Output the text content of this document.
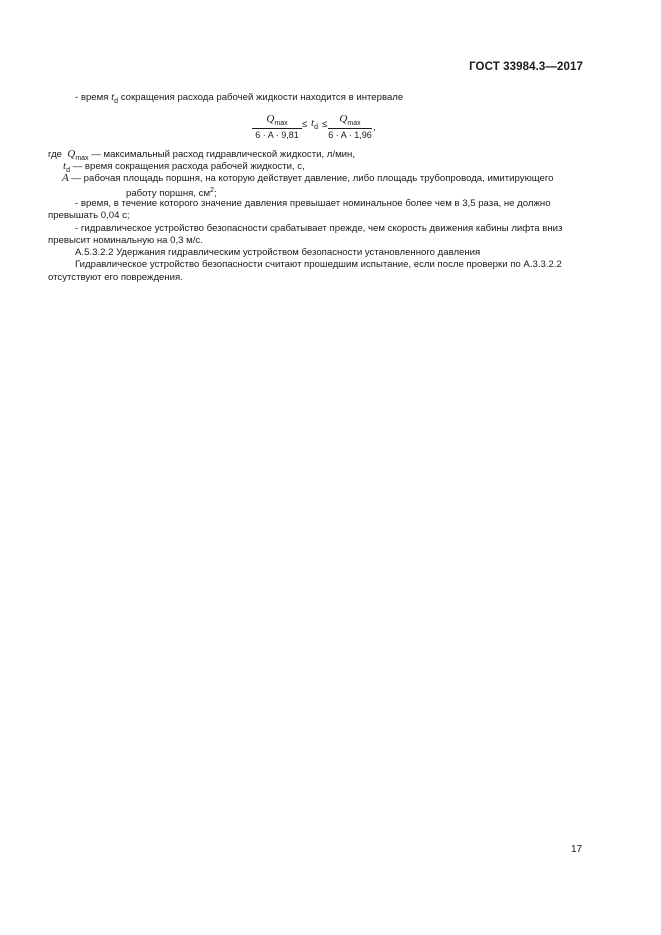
ГОСТ 33984.3—2017
- время $t_d$ сокращения расхода рабочей жидкости находится в интервале
$Q_{max}$
6 · A · 9,81
≤ $t_d$ ≤	$Q_{max}$
6 · A · 1,96
,
где $Q_{max}$ — максимальный расход гидравлической жидкости, л/мин,
$t_d$ — время сокращения расхода рабочей жидкости, с,
A — рабочая площадь поршня, на которую действует давление, либо площадь трубопровода, имитирующего
работу поршня, $см^2$;
- время, в течение которого значение давления превышает номинальное более чем в 3,5 раза, не должно
превышать 0,04 с;
- гидравлическое устройство безопасности срабатывает прежде, чем скорость движения кабины лифта вниз
превысит номинальную на 0,3 м/с.
А.5.3.2.2 Удержания гидравлическим устройством безопасности установленного давления
Гидравлическое устройство безопасности считают прошедшим испытание, если после проверки по А.3.3.2.2
отсутствуют его повреждения.
17
